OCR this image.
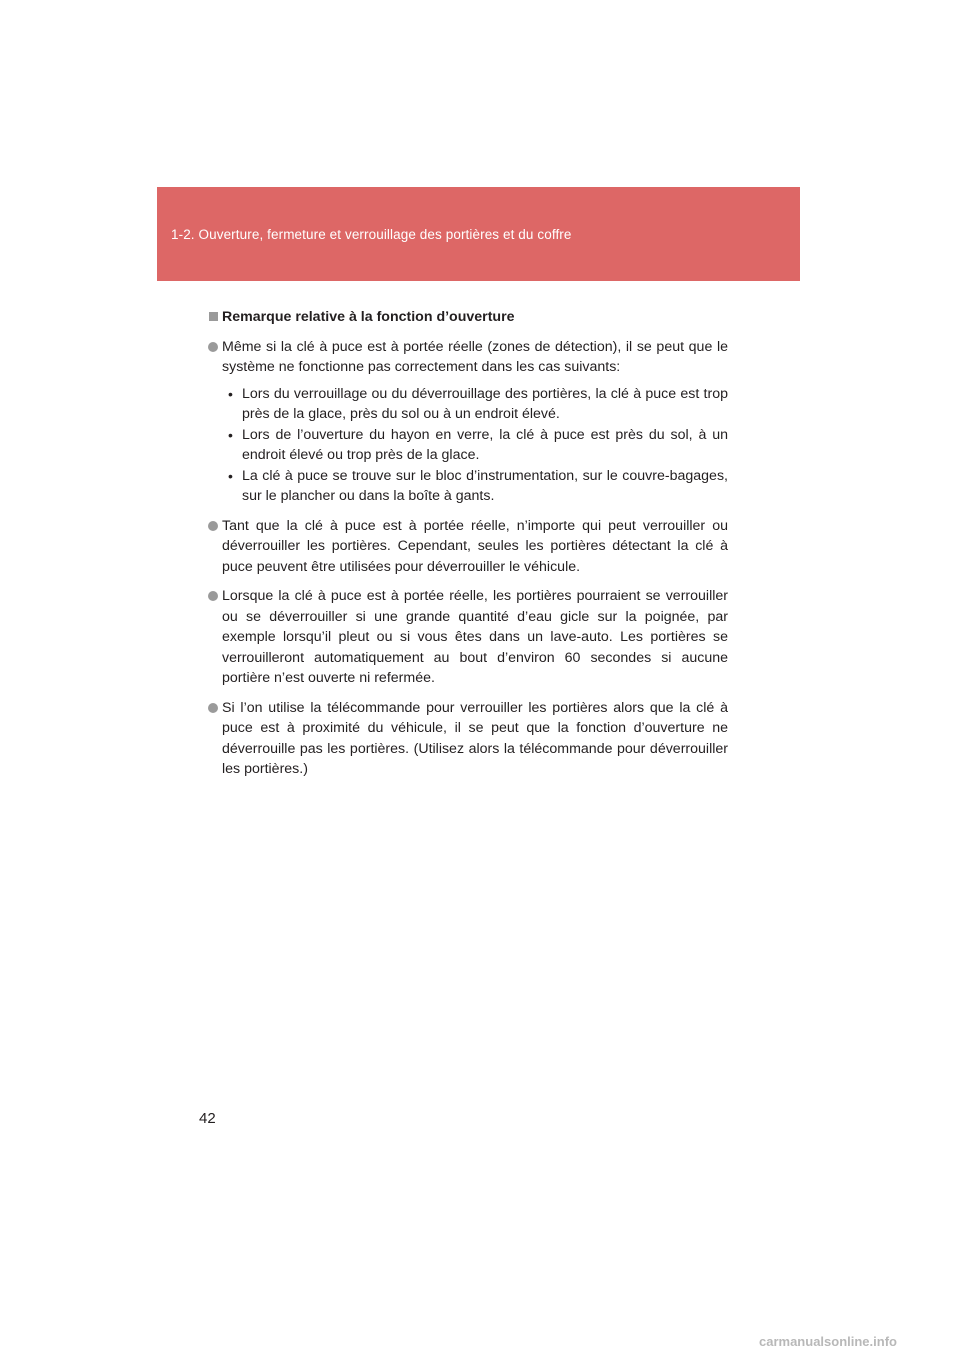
1-2. Ouverture, fermeture et verrouillage des portières et du coffre
Remarque relative à la fonction d’ouverture
Même si la clé à puce est à portée réelle (zones de détection), il se peut que le système ne fonctionne pas correctement dans les cas suivants:
• Lors du verrouillage ou du déverrouillage des portières, la clé à puce est trop près de la glace, près du sol ou à un endroit élevé.
• Lors de l’ouverture du hayon en verre, la clé à puce est près du sol, à un endroit élevé ou trop près de la glace.
• La clé à puce se trouve sur le bloc d’instrumentation, sur le couvre-bagages, sur le plancher ou dans la boîte à gants.
Tant que la clé à puce est à portée réelle, n’importe qui peut verrouiller ou déverrouiller les portières. Cependant, seules les portières détectant la clé à puce peuvent être utilisées pour déverrouiller le véhicule.
Lorsque la clé à puce est à portée réelle, les portières pourraient se verrouiller ou se déverrouiller si une grande quantité d’eau gicle sur la poignée, par exemple lorsqu’il pleut ou si vous êtes dans un lave-auto. Les portières se verrouilleront automatiquement au bout d’environ 60 secondes si aucune portière n’est ouverte ni refermée.
Si l’on utilise la télécommande pour verrouiller les portières alors que la clé à puce est à proximité du véhicule, il se peut que la fonction d’ouverture ne déverrouille pas les portières. (Utilisez alors la télécommande pour déverrouiller les portières.)
42
carmanualsonline.info
